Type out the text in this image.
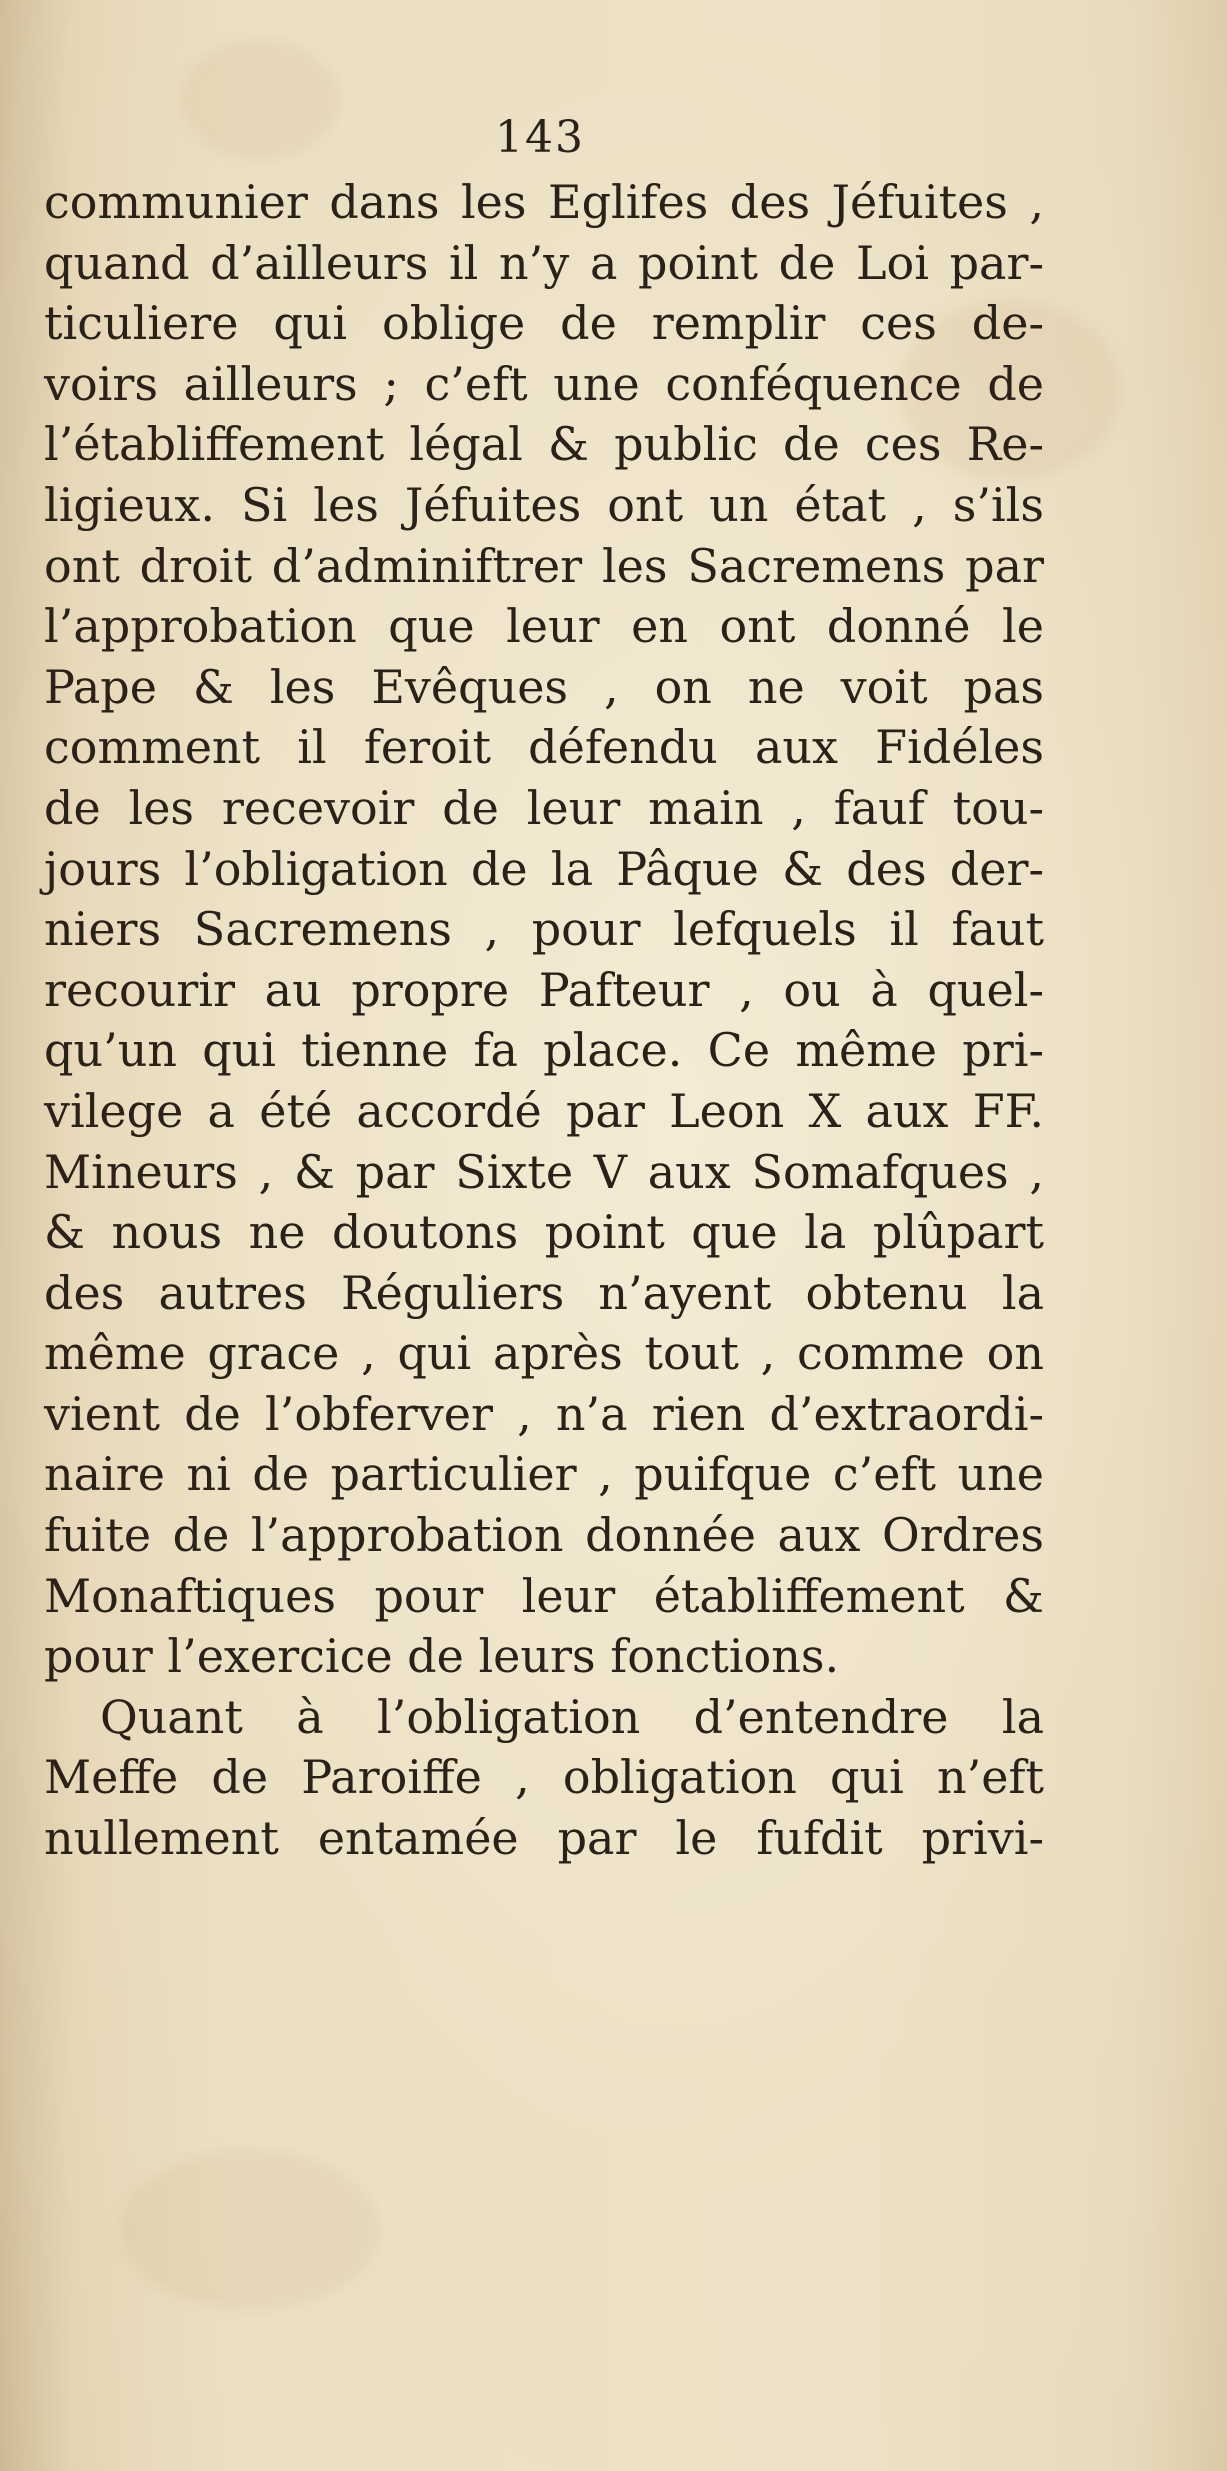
143
communier dans les Eglifes des Jéfuites ,
quand d’ailleurs il n’y a point de Loi par-
ticuliere qui oblige de remplir ces de-
voirs ailleurs ; c’eft une conféquence de
l’établiffement légal & public de ces Re-
ligieux. Si les Jéfuites ont un état , s’ils
ont droit d’adminiftrer les Sacremens par
l’approbation que leur en ont donné le
Pape & les Evêques , on ne voit pas
comment il feroit défendu aux Fidéles
de les recevoir de leur main , fauf tou-
jours l’obligation de la Pâque & des der-
niers Sacremens , pour lefquels il faut
recourir au propre Pafteur , ou à quel-
qu’un qui tienne fa place. Ce même pri-
vilege a été accordé par Leon X aux FF.
Mineurs , & par Sixte V aux Somafques ,
& nous ne doutons point que la plûpart
des autres Réguliers n’ayent obtenu la
même grace , qui après tout , comme on
vient de l’obferver , n’a rien d’extraordi-
naire ni de particulier , puifque c’eft une
fuite de l’approbation donnée aux Ordres
Monaftiques pour leur établiffement &
pour l’exercice de leurs fonctions.
Quant à l’obligation d’entendre la
Meffe de Paroiffe , obligation qui n’eft
nullement entamée par le fufdit privi-
